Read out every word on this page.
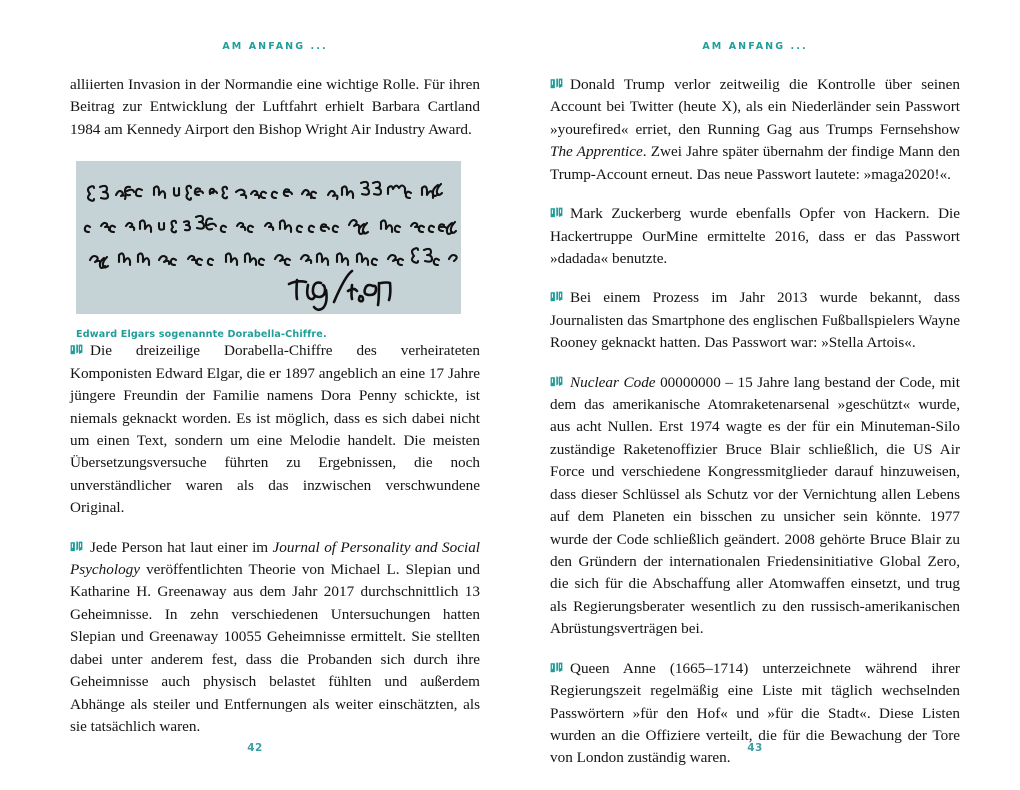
AM ANFANG ...

alliierten Invasion in der Normandie eine wichtige Rolle. Für ihren Beitrag zur Entwicklung der Luftfahrt erhielt Barbara Cartland 1984 am Kennedy Airport den Bishop Wright Air Industry Award.

Edward Elgars sogenannte Dorabella-Chiffre.

Die dreizeilige Dorabella-Chiffre des verheirateten Komponisten Edward Elgar, die er 1897 angeblich an eine 17 Jahre jüngere Freundin der Familie namens Dora Penny schickte, ist niemals geknackt worden. Es ist möglich, dass es sich dabei nicht um einen Text, sondern um eine Melodie handelt. Die meisten Übersetzungsversuche führten zu Ergebnissen, die noch unverständlicher waren als das inzwischen verschwundene Original.

Jede Person hat laut einer im Journal of Personality and Social Psychology veröffentlichten Theorie von Michael L. Slepian und Katharine H. Greenaway aus dem Jahr 2017 durchschnittlich 13 Geheimnisse. In zehn verschiedenen Untersuchungen hatten Slepian und Greenaway 10055 Geheimnisse ermittelt. Sie stellten dabei unter anderem fest, dass die Probanden sich durch ihre Geheimnisse auch physisch belastet fühlten und außerdem Abhänge als steiler und Entfernungen als weiter einschätzten, als sie tatsächlich waren.

42
AM ANFANG ...

Donald Trump verlor zeitweilig die Kontrolle über seinen Account bei Twitter (heute X), als ein Niederländer sein Passwort »yourefired« erriet, den Running Gag aus Trumps Fernsehshow The Apprentice. Zwei Jahre später übernahm der findige Mann den Trump-Account erneut. Das neue Passwort lautete: »maga2020!«.

Mark Zuckerberg wurde ebenfalls Opfer von Hackern. Die Hackertruppe OurMine ermittelte 2016, dass er das Passwort »dadada« benutzte.

Bei einem Prozess im Jahr 2013 wurde bekannt, dass Journalisten das Smartphone des englischen Fußballspielers Wayne Rooney geknackt hatten. Das Passwort war: »Stella Artois«.

Nuclear Code 00000000 – 15 Jahre lang bestand der Code, mit dem das amerikanische Atomraketenarsenal »geschützt« wurde, aus acht Nullen. Erst 1974 wagte es der für ein Minuteman-Silo zuständige Raketenoffizier Bruce Blair schließlich, die US Air Force und verschiedene Kongressmitglieder darauf hinzuweisen, dass dieser Schlüssel als Schutz vor der Vernichtung allen Lebens auf dem Planeten ein bisschen zu unsicher sein könnte. 1977 wurde der Code schließlich geändert. 2008 gehörte Bruce Blair zu den Gründern der internationalen Friedensinitiative Global Zero, die sich für die Abschaffung aller Atomwaffen einsetzt, und trug als Regierungsberater wesentlich zu den russisch-amerikanischen Abrüstungsverträgen bei.

Queen Anne (1665–1714) unterzeichnete während ihrer Regierungszeit regelmäßig eine Liste mit täglich wechselnden Passwörtern »für den Hof« und »für die Stadt«. Diese Listen wurden an die Offiziere verteilt, die für die Bewachung der Tore von London zuständig waren.

43
